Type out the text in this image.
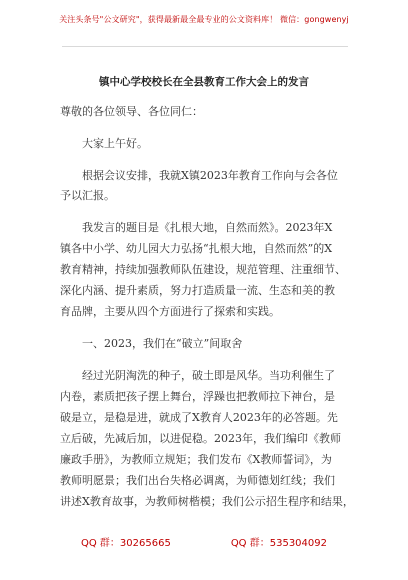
关注头条号"公文研究"，获得最新最全最专业的公文资料库！ 微信：gongwenyj
镇中心学校校长在全县教育工作大会上的发言
尊敬的各位领导、各位同仁：
大家上午好。
根据会议安排，我就X镇2023年教育工作向与会各位
予以汇报。
我发言的题目是《扎根大地，自然而然》。2023年X
镇各中小学、幼儿园大力弘扬“扎根大地，自然而然”的X
教育精神，持续加强教师队伍建设，规范管理、注重细节、
深化内涵、提升素质，努力打造质量一流、生态和美的教
育品牌，主要从四个方面进行了探索和实践。
一、2023，我们在“破立”间取舍
经过光阴淘洗的种子，破土即是风华。当功利催生了
内卷，素质把孩子摆上舞台，浮躁也把教师拉下神台，是
破是立，是稳是进，就成了X教育人2023年的必答题。先
立后破，先减后加，以进促稳。2023年，我们编印《教师
廉政手册》，为教师立规矩；我们发布《X教师誓词》，为
教师明愿景；我们出台失格必调离，为师德划红线；我们
讲述X教育故事，为教师树楷模；我们公示招生程序和结果，
QQ 群：30265665	QQ 群：535304092
